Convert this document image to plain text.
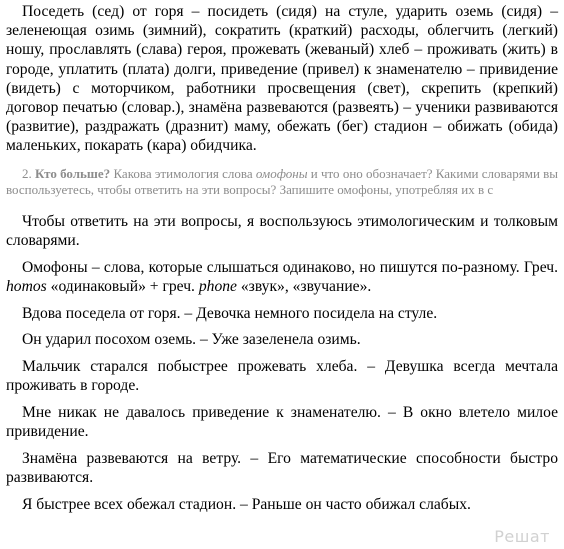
Поседеть (сед) от горя – посидеть (сидя) на стуле, ударить оземь (сидя) – зеленеющая озимь (зимний), сократить (краткий) расходы, облегчить (легкий) ношу, прославлять (слава) героя, прожевать (жеваный) хлеб – проживать (жить) в городе, уплатить (плата) долги, приведение (привел) к знаменателю – привидение (видеть) с моторчиком, работники просвещения (свет), скрепить (крепкий) договор печатью (словар.), знамёна развеваются (развеять) – ученики развиваются (развитие), раздражать (дразнит) маму, обежать (бег) стадион – обижать (обида) маленьких, покарать (кара) обидчика.

2. Кто больше? Какова этимология слова омофоны и что оно обозначает? Какими словарями вы воспользуетесь, чтобы ответить на эти вопросы? Запишите омофоны, употребляя их в с

Чтобы ответить на эти вопросы, я воспользуюсь этимологическим и толковым словарями.

Омофоны – слова, которые слышаться одинаково, но пишутся по-разному. Греч. homos «одинаковый» + греч. phone «звук», «звучание».

Вдова поседела от горя. – Девочка немного посидела на стуле.

Он ударил посохом оземь. – Уже зазеленела озимь.

Мальчик старался побыстрее прожевать хлеба. – Девушка всегда мечтала проживать в городе.

Мне никак не давалось приведение к знаменателю. – В окно влетело милое привидение.

Знамёна развеваются на ветру. – Его математические способности быстро развиваются.

Я быстрее всех обежал стадион. – Раньше он часто обижал слабых.

Решат
